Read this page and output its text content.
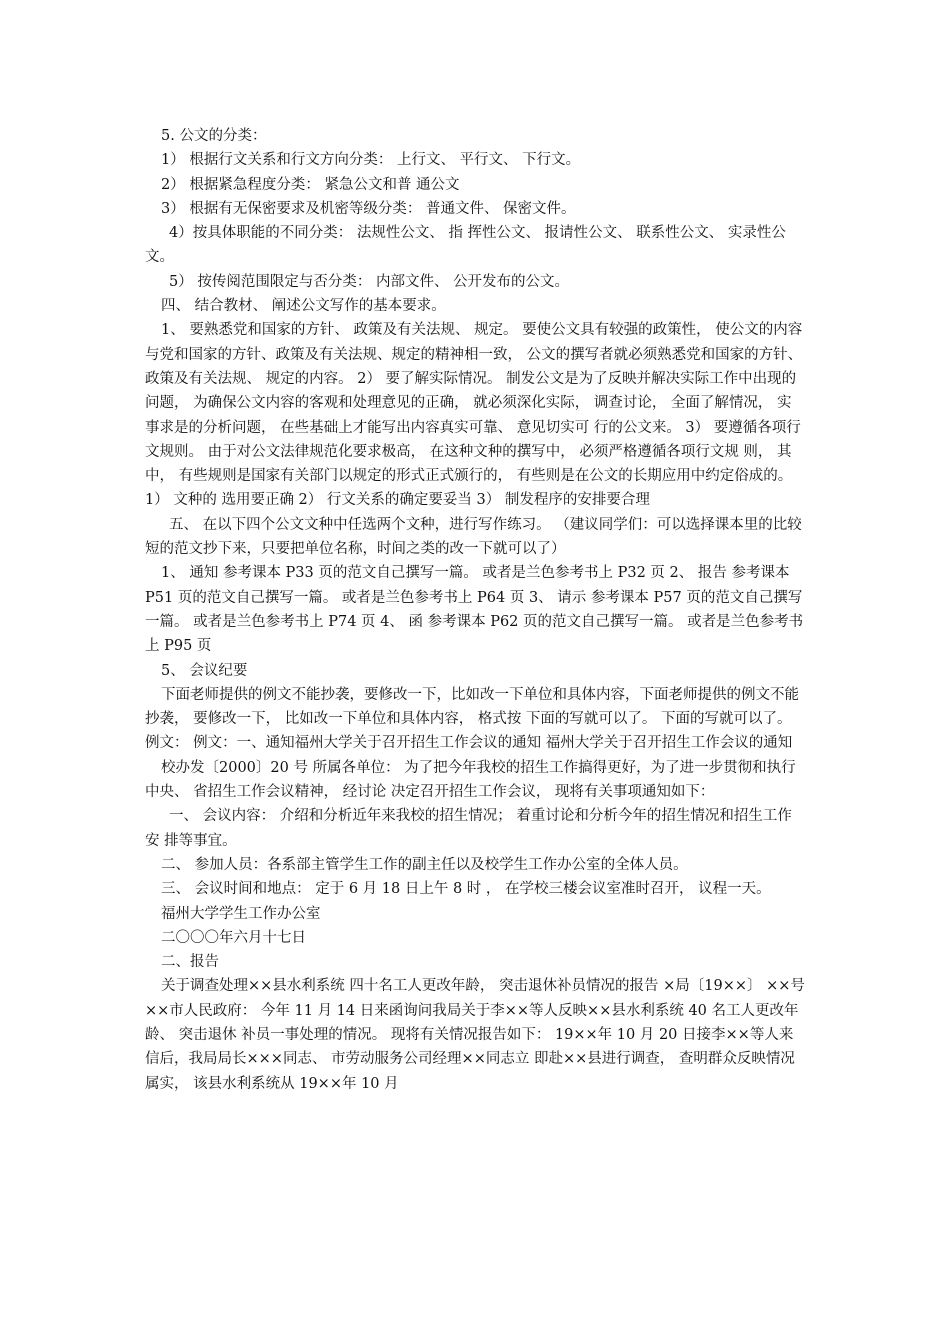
5. 公文的分类：

1） 根据行文关系和行文方向分类： 上行文、 平行文、 下行文。

2） 根据紧急程度分类： 紧急公文和普 通公文

3） 根据有无保密要求及机密等级分类： 普通文件、 保密文件。

4）按具体职能的不同分类： 法规性公文、 指 挥性公文、 报请性公文、 联系性公文、 实录性公文。

5） 按传阅范围限定与否分类： 内部文件、 公开发布的公文。

四、 结合教材、 阐述公文写作的基本要求。

1、 要熟悉党和国家的方针、 政策及有关法规、 规定。 要使公文具有较强的政策性， 使公文的内容与党和国家的方针、政策及有关法规、规定的精神相一致， 公文的撰写者就必须熟悉党和国家的方针、政策及有关法规、 规定的内容。 2） 要了解实际情况。 制发公文是为了反映并解决实际工作中出现的问题， 为确保公文内容的客观和处理意见的正确， 就必须深化实际， 调查讨论， 全面了解情况， 实事求是的分析问题， 在些基础上才能写出内容真实可靠、 意见切实可 行的公文来。 3） 要遵循各项行文规则。 由于对公文法律规范化要求极高， 在这种文种的撰写中， 必须严格遵循各项行文规 则， 其中， 有些规则是国家有关部门以规定的形式正式颁行的， 有些则是在公文的长期应用中约定俗成的。 1） 文种的 选用要正确 2） 行文关系的确定要妥当 3） 制发程序的安排要合理

五、 在以下四个公文文种中任选两个文种，进行写作练习。 （建议同学们：可以选择课本里的比较短的范文抄下来，只要把单位名称，时间之类的改一下就可以了）

1、 通知 参考课本 P33 页的范文自己撰写一篇。 或者是兰色参考书上 P32 页 2、 报告 参考课本 P51 页的范文自己撰写一篇。 或者是兰色参考书上 P64 页 3、 请示 参考课本 P57 页的范文自己撰写一篇。 或者是兰色参考书上 P74 页 4、 函 参考课本 P62 页的范文自己撰写一篇。 或者是兰色参考书上 P95 页

5、 会议纪要

下面老师提供的例文不能抄袭，要修改一下，比如改一下单位和具体内容，下面老师提供的例文不能抄袭， 要修改一下， 比如改一下单位和具体内容， 格式按 下面的写就可以了。 下面的写就可以了。 例文： 例文：一、通知福州大学关于召开招生工作会议的通知 福州大学关于召开招生工作会议的通知

校办发〔2000〕20 号 所属各单位： 为了把今年我校的招生工作搞得更好，为了进一步贯彻和执行中央、 省招生工作会议精神， 经讨论 决定召开招生工作会议， 现将有关事项通知如下：

一、 会议内容： 介绍和分析近年来我校的招生情况； 着重讨论和分析今年的招生情况和招生工作安 排等事宜。

二、 参加人员：各系部主管学生工作的副主任以及校学生工作办公室的全体人员。

三、 会议时间和地点： 定于 6 月 18 日上午 8 时 ， 在学校三楼会议室准时召开， 议程一天。

福州大学学生工作办公室

二〇〇〇年六月十七日

二、报告

关于调查处理××县水利系统 四十名工人更改年龄， 突击退休补员情况的报告 ×局〔19××〕 ××号 ××市人民政府： 今年 11 月 14 日来函询问我局关于李××等人反映××县水利系统 40 名工人更改年龄、 突击退休 补员一事处理的情况。 现将有关情况报告如下： 19××年 10 月 20 日接李××等人来信后，我局局长×××同志、 市劳动服务公司经理××同志立 即赴××县进行调查， 查明群众反映情况属实， 该县水利系统从 19××年 10 月
